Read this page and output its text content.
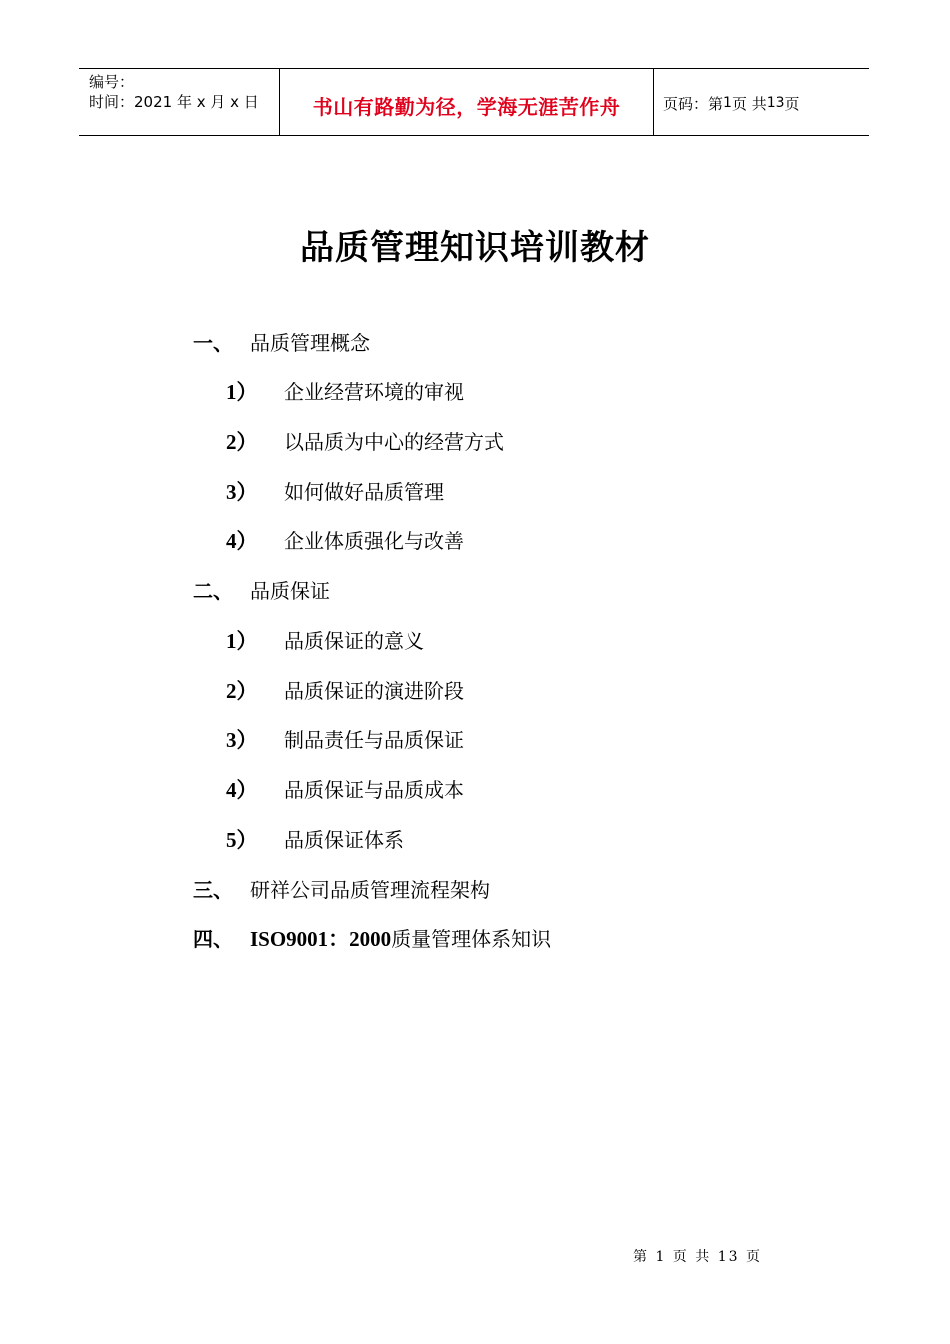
编号：
时间：2021 年 x 月 x 日	书山有路勤为径，学海无涯苦作舟	页码：第 1 页 共 13 页
品质管理知识培训教材
一、 品质管理概念
1） 企业经营环境的审视
2） 以品质为中心的经营方式
3） 如何做好品质管理
4） 企业体质强化与改善
二、 品质保证
1） 品质保证的意义
2） 品质保证的演进阶段
3） 制品责任与品质保证
4） 品质保证与品质成本
5） 品质保证体系
三、 研祥公司品质管理流程架构
四、 ISO9001：2000质量管理体系知识
第 1 页 共 13 页
